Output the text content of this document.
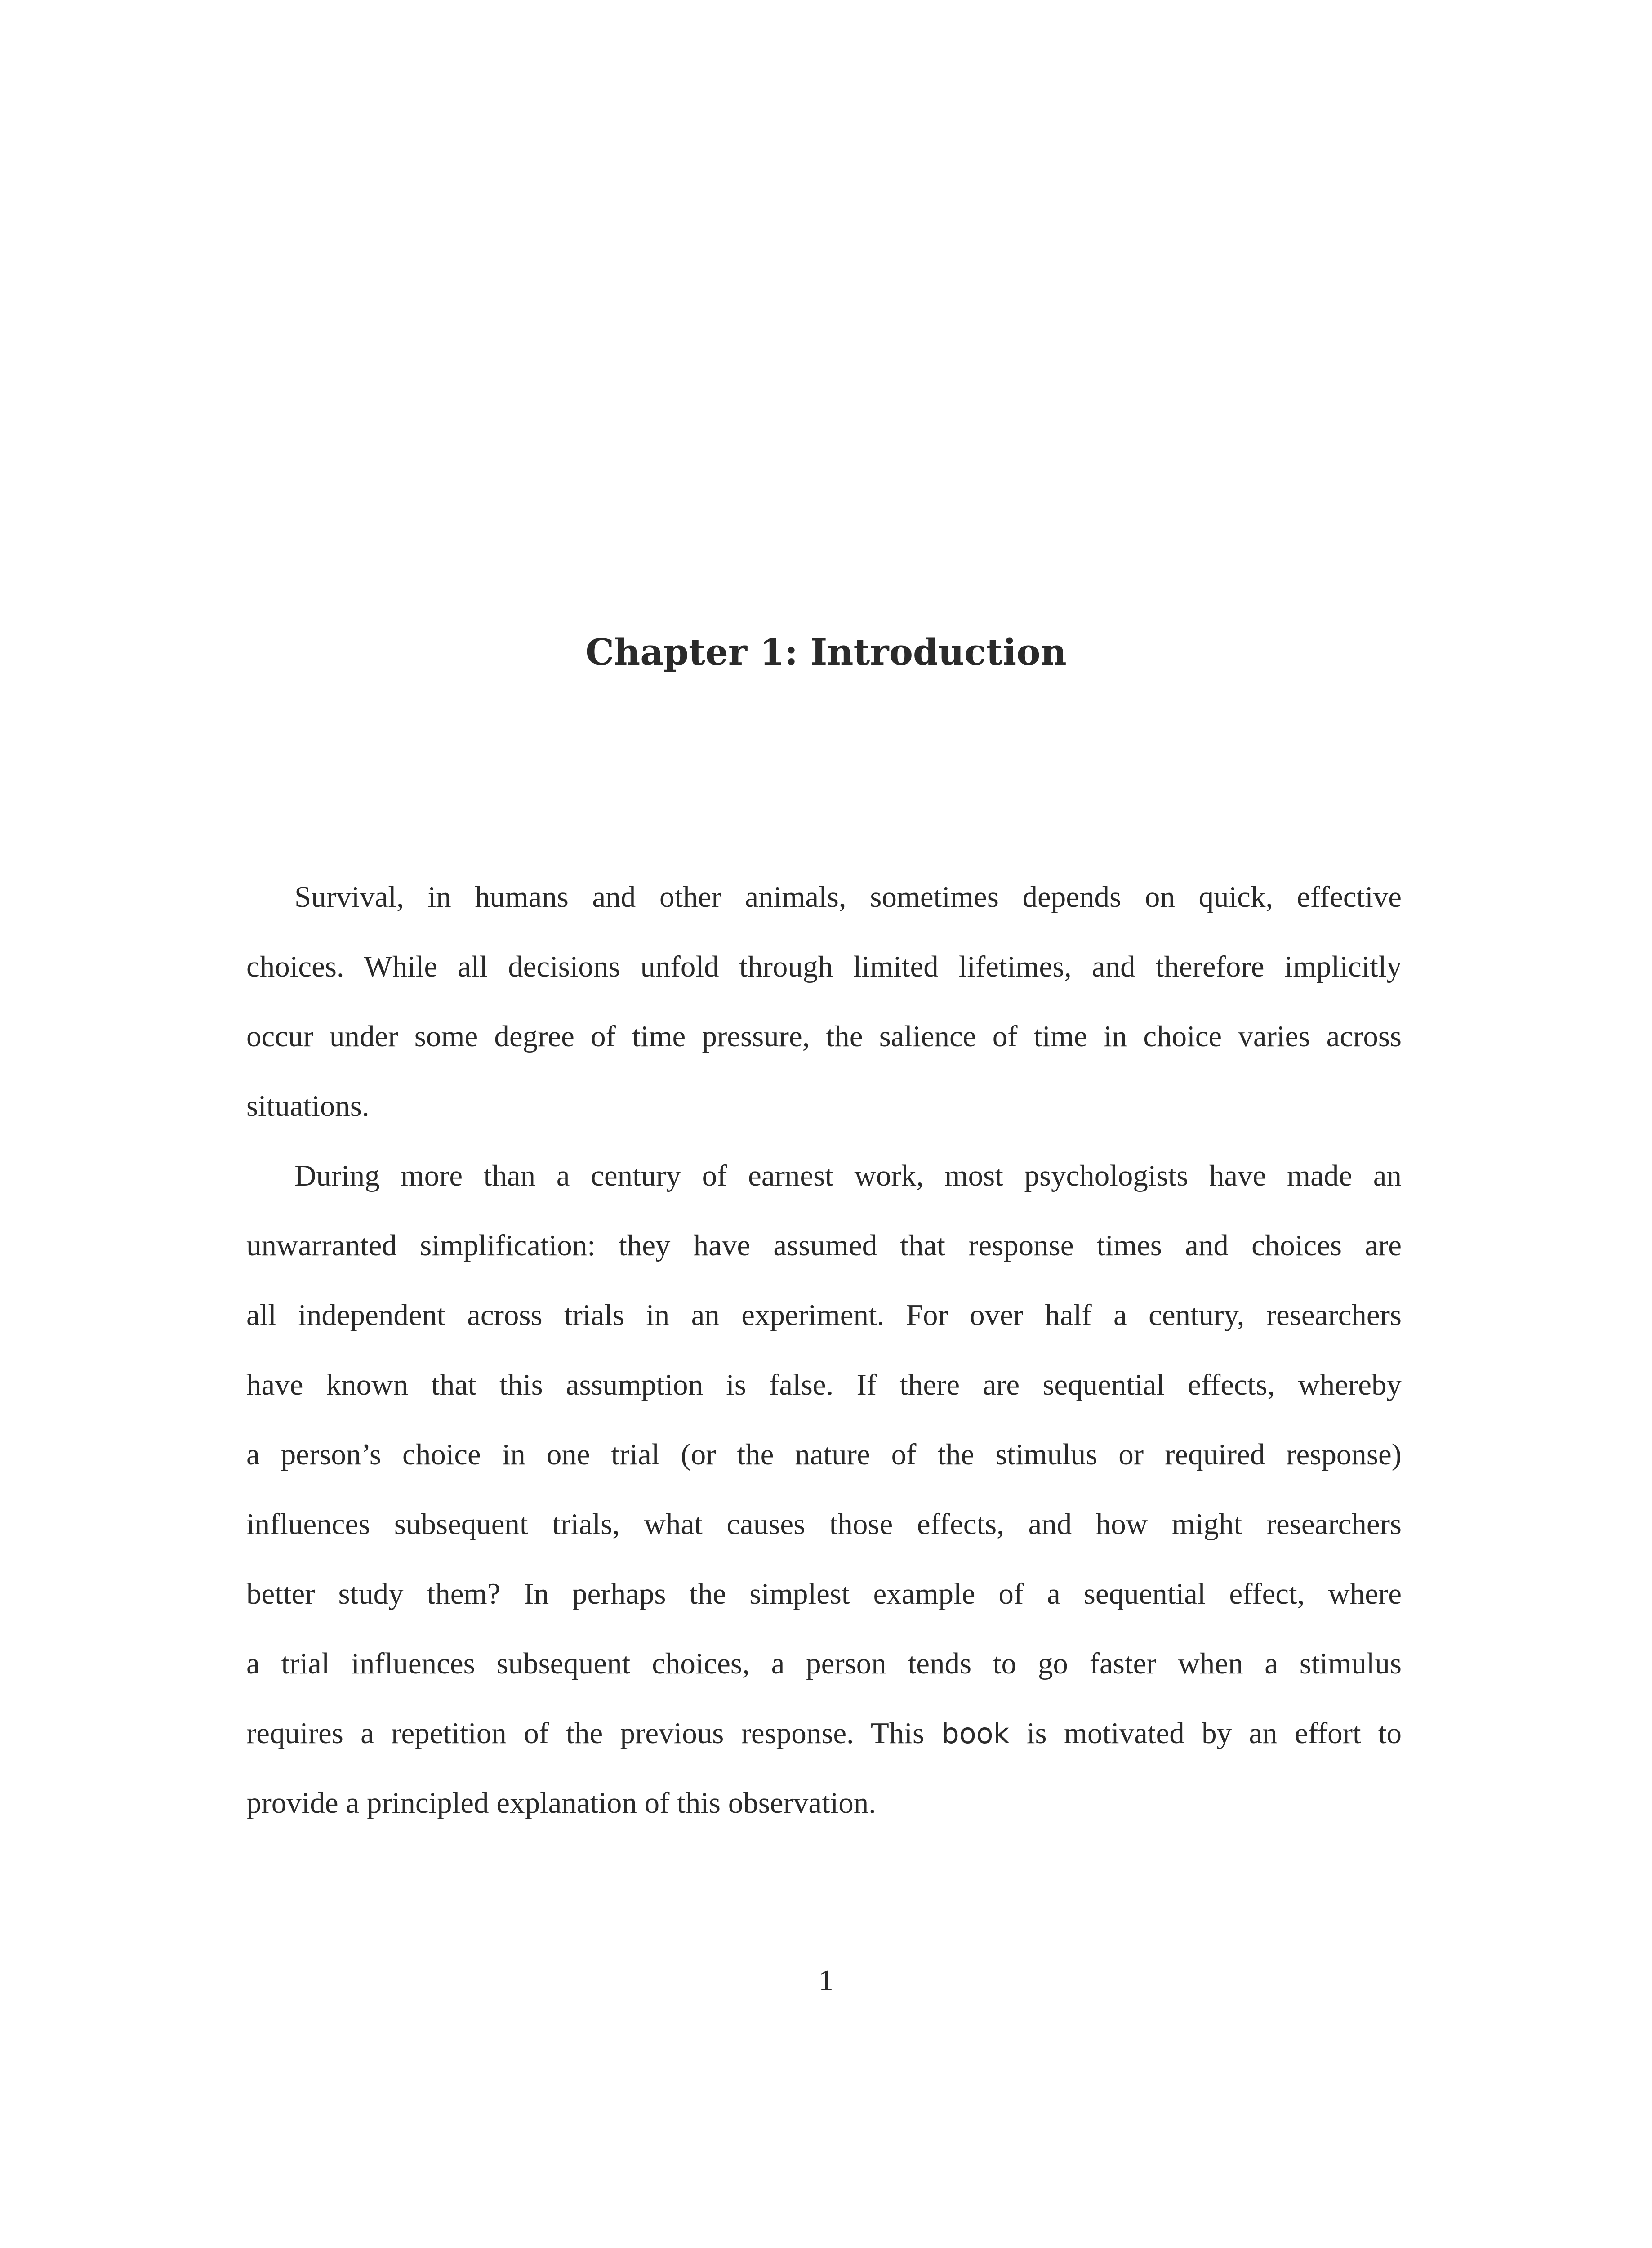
Chapter 1: Introduction
Survival, in humans and other animals, sometimes depends on quick, effective
choices. While all decisions unfold through limited lifetimes, and therefore implicitly
occur under some degree of time pressure, the salience of time in choice varies across
situations.
During more than a century of earnest work, most psychologists have made an
unwarranted simplification: they have assumed that response times and choices are
all independent across trials in an experiment. For over half a century, researchers
have known that this assumption is false. If there are sequential effects, whereby
a person’s choice in one trial (or the nature of the stimulus or required response)
influences subsequent trials, what causes those effects, and how might researchers
better study them? In perhaps the simplest example of a sequential effect, where
a trial influences subsequent choices, a person tends to go faster when a stimulus
requires a repetition of the previous response. This book is motivated by an effort to
provide a principled explanation of this observation.
1
